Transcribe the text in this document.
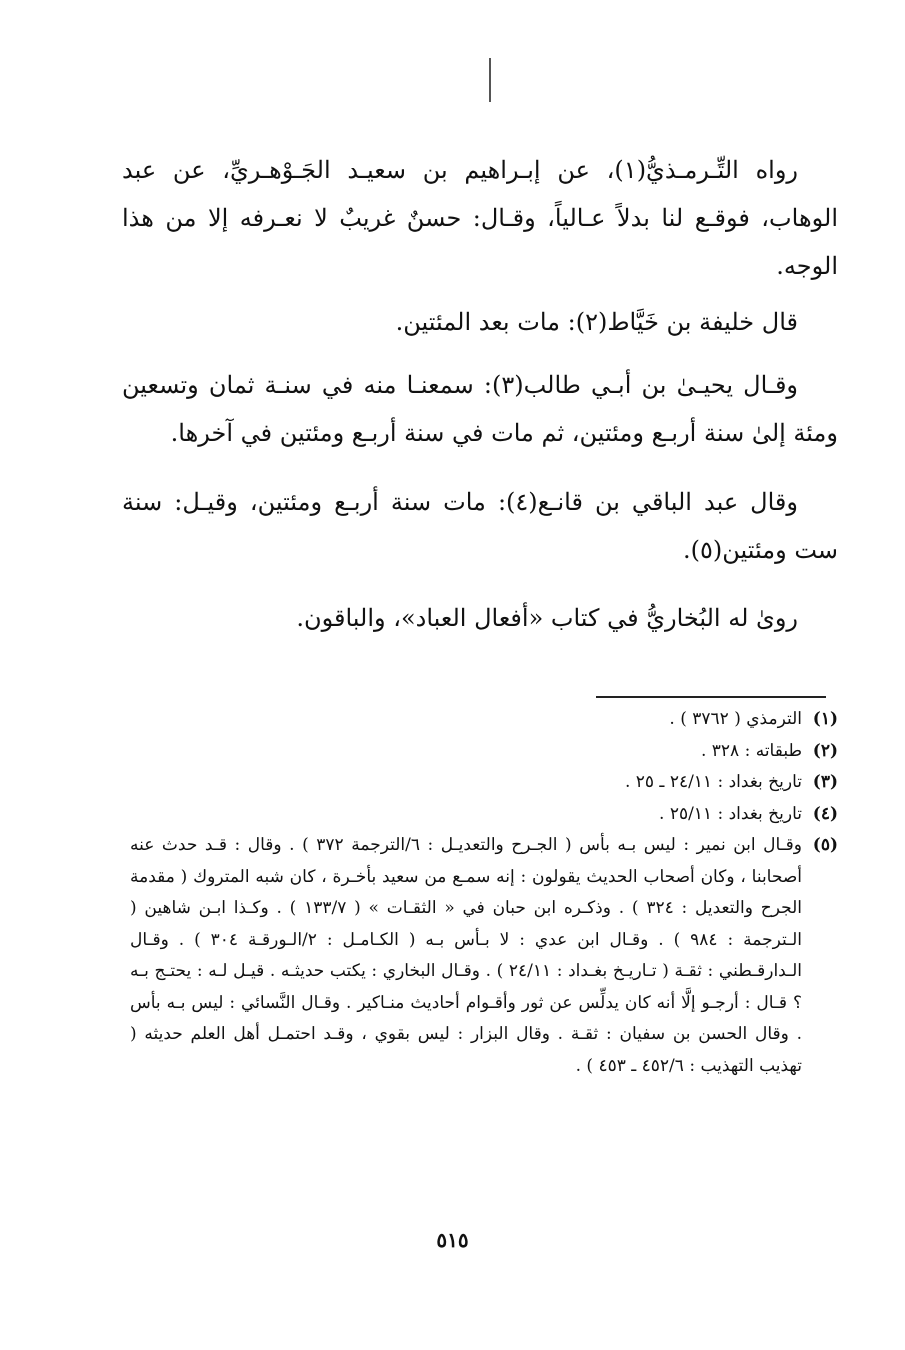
رواه التِّـرمـذيُّ(١)، عن إبـراهيم بن سعيـد الجَـوْهـريِّ، عن عبد الوهاب، فوقـع لنا بدلاً عـالياً، وقـال: حسنٌ غريبٌ لا نعـرفه إلا من هذا الوجه.

قال خليفة بن خَيَّاط(٢): مات بعد المئتين.

وقـال يحيـىٰ بن أبـي طالب(٣): سمعنـا منه في سنـة ثمان وتسعين ومئة إلىٰ سنة أربـع ومئتين، ثم مات في سنة أربـع ومئتين في آخرها.

وقال عبد الباقي بن قانـع(٤): مات سنة أربـع ومئتين، وقيـل: سنة ست ومئتين(٥).

روىٰ له البُخاريُّ في كتاب «أفعال العباد»، والباقون.

(١)
الترمذي ( ٣٧٦٢ ) .
(٢)
طبقاته : ٣٢٨ .
(٣)
تاريخ بغداد : ٢٤/١١ ـ ٢٥ .
(٤)
تاريخ بغداد : ٢٥/١١ .
(٥)
وقـال ابن نمير : ليس بـه بأس ( الجـرح والتعديـل : ٦/الترجمة ٣٧٢ ) . وقال : قـد حدث عنه أصحابنا ، وكان أصحاب الحديث يقولون : إنه سمـع من سعيد بأخـرة ، كان شبه المتروك ( مقدمة الجرح والتعديل : ٣٢٤ ) . وذكـره ابن حبان في « الثقـات » ( ١٣٣/٧ ) . وكـذا ابـن شاهين ( الـترجمة : ٩٨٤ ) . وقـال ابن عدي : لا بـأس بـه ( الكـامـل : ٢/الـورقـة ٣٠٤ ) . وقـال الـدارقـطني : ثقـة ( تـاريـخ بغـداد : ٢٤/١١ ) . وقـال البخاري : يكتب حديثـه . قيـل لـه : يحتـج بـه ؟ قـال : أرجـو إلَّا أنه كان يدلِّس عن ثور وأقـوام أحاديث منـاكير . وقـال النَّسائي : ليس بـه بأس . وقال الحسن بن سفيان : ثقـة . وقال البزار : ليس بقوي ، وقـد احتمـل أهل العلم حديثه ( تهذيب التهذيب : ٤٥٢/٦ ـ ٤٥٣ ) .
٥١٥
